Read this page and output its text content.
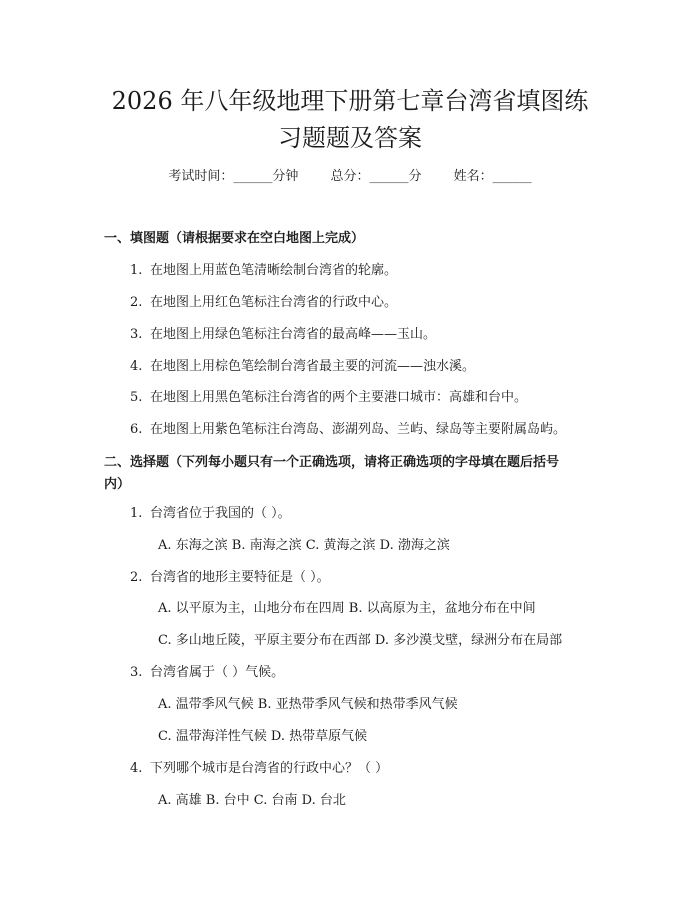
2026 年八年级地理下册第七章台湾省填图练
习题题及答案
考试时间：______分钟 总分：______分 姓名：______
一、填图题（请根据要求在空白地图上完成）
1. 在地图上用蓝色笔清晰绘制台湾省的轮廓。
2. 在地图上用红色笔标注台湾省的行政中心。
3. 在地图上用绿色笔标注台湾省的最高峰——玉山。
4. 在地图上用棕色笔绘制台湾省最主要的河流——浊水溪。
5. 在地图上用黑色笔标注台湾省的两个主要港口城市：高雄和台中。
6. 在地图上用紫色笔标注台湾岛、澎湖列岛、兰屿、绿岛等主要附属岛屿。
二、选择题（下列每小题只有一个正确选项，请将正确选项的字母填在题后括号
内）
1. 台湾省位于我国的（ ）。
A. 东海之滨 B. 南海之滨 C. 黄海之滨 D. 渤海之滨
2. 台湾省的地形主要特征是（ ）。
A. 以平原为主，山地分布在四周 B. 以高原为主，盆地分布在中间
C. 多山地丘陵，平原主要分布在西部 D. 多沙漠戈壁，绿洲分布在局部
3. 台湾省属于（ ）气候。
A. 温带季风气候 B. 亚热带季风气候和热带季风气候
C. 温带海洋性气候 D. 热带草原气候
4. 下列哪个城市是台湾省的行政中心？（ ）
A. 高雄 B. 台中 C. 台南 D. 台北
